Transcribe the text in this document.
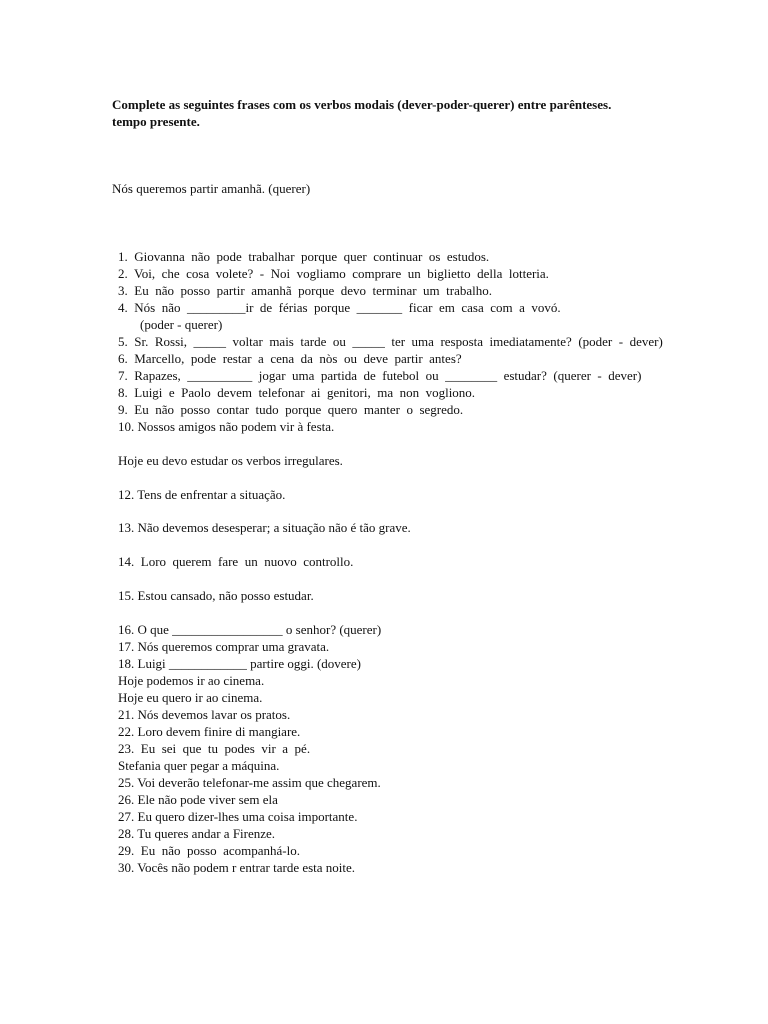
Complete as seguintes frases com os verbos modais (dever-poder-querer) entre parênteses.
tempo presente.
Nós queremos partir amanhã. (querer)
1.  Giovanna  não  pode  trabalhar  porque  quer  continuar  os  estudos.
2.  Voi,  che  cosa  volete?  -  Noi  vogliamo  comprare  un  biglietto  della  lotteria.
3.  Eu  não  posso  partir  amanhã  porque  devo  terminar  um  trabalho.
4.  Nós  não  _________ir  de  férias  porque  _______  ficar  em  casa  com  a  vovó.
(poder - querer)
5.  Sr.  Rossi,  _____  voltar  mais  tarde  ou  _____  ter  uma  resposta  imediatamente?  (poder  -  dever)
6.  Marcello,  pode  restar  a  cena  da  nòs  ou  deve  partir  antes?
7.  Rapazes,  __________  jogar  uma  partida  de  futebol  ou  ________  estudar?  (querer  -  dever)
8.  Luigi  e  Paolo  devem  telefonar  ai  genitori,  ma  non  vogliono.
9.  Eu  não  posso  contar  tudo  porque  quero  manter  o  segredo.
10. Nossos amigos não podem vir à festa.
Hoje eu devo estudar os verbos irregulares.
12. Tens de enfrentar a situação.
13. Não devemos desesperar; a situação não é tão grave.
14.  Loro  querem  fare  un  nuovo  controllo.
15. Estou cansado, não posso estudar.
16. O que _________________ o senhor? (querer)
17. Nós queremos comprar uma gravata.
18. Luigi ____________ partire oggi. (dovere)
Hoje podemos ir ao cinema.
Hoje eu quero ir ao cinema.
21. Nós devemos lavar os pratos.
22. Loro devem finire di mangiare.
23.  Eu  sei  que  tu  podes  vir  a  pé.
Stefania quer pegar a máquina.
25. Voi deverão telefonar-me assim que chegarem.
26. Ele não pode viver sem ela
27. Eu quero dizer-lhes uma coisa importante.
28. Tu queres andar a Firenze.
29.  Eu  não  posso  acompanhá-lo.
30. Vocês não podem r entrar tarde esta noite.
